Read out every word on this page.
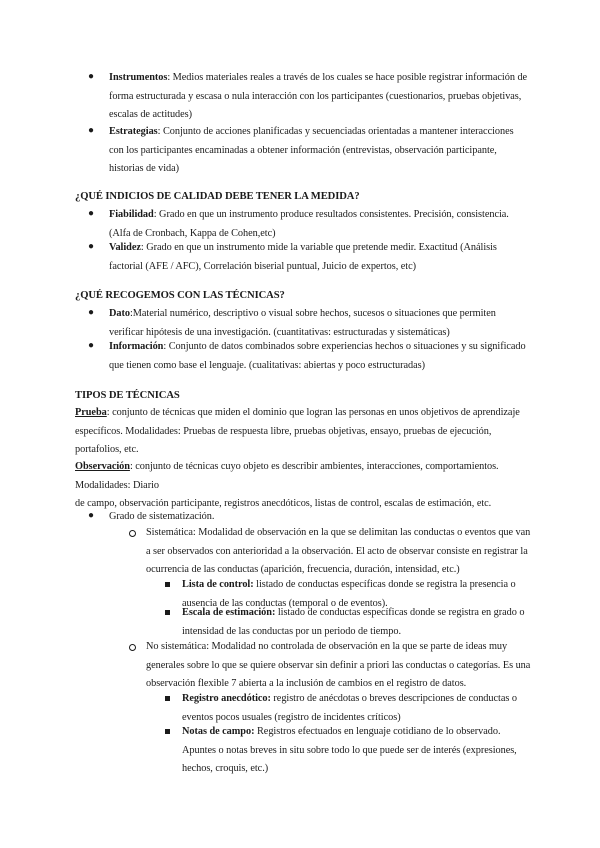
● Instrumentos: Medios materiales reales a través de los cuales se hace posible registrar información de forma estructurada y escasa o nula interacción con los participantes (cuestionarios, pruebas objetivas, escalas de actitudes)
● Estrategias: Conjunto de acciones planificadas y secuenciadas orientadas a mantener interacciones con los participantes encaminadas a obtener información (entrevistas, observación participante, historias de vida)
¿QUÉ INDICIOS DE CALIDAD DEBE TENER LA MEDIDA?
● Fiabilidad: Grado en que un instrumento produce resultados consistentes. Precisión, consistencia. (Alfa de Cronbach, Kappa de Cohen,etc)
● Validez: Grado en que un instrumento mide la variable que pretende medir. Exactitud (Análisis factorial (AFE / AFC), Correlación biserial puntual, Juicio de expertos, etc)
¿QUÉ RECOGEMOS CON LAS TÉCNICAS?
● Dato:Material numérico, descriptivo o visual sobre hechos, sucesos o situaciones que permiten verificar hipótesis de una investigación. (cuantitativas: estructuradas y sistemáticas)
● Información: Conjunto de datos combinados sobre experiencias hechos o situaciones y su significado que tienen como base el lenguaje. (cualitativas: abiertas y poco estructuradas)
TIPOS DE TÉCNICAS
Prueba: conjunto de técnicas que miden el dominio que logran las personas en unos objetivos de aprendizaje específicos. Modalidades: Pruebas de respuesta libre, pruebas objetivas, ensayo, pruebas de ejecución, portafolios, etc.
Observación: conjunto de técnicas cuyo objeto es describir ambientes, interacciones, comportamientos.
Modalidades: Diario
de campo, observación participante, registros anecdóticos, listas de control, escalas de estimación, etc.
● Grado de sistematización.
Sistemática: Modalidad de observación en la que se delimitan las conductas o eventos que van a ser observados con anterioridad a la observación. El acto de observar consiste en registrar la ocurrencia de las conductas (aparición, frecuencia, duración, intensidad, etc.)
Lista de control: listado de conductas específicas donde se registra la presencia o ausencia de las conductas (temporal o de eventos).
Escala de estimación: listado de conductas específicas donde se registra en grado o intensidad de las conductas por un periodo de tiempo.
No sistemática: Modalidad no controlada de observación en la que se parte de ideas muy generales sobre lo que se quiere observar sin definir a priori las conductas o categorías. Es una observación flexible 7 abierta a la inclusión de cambios en el registro de datos.
Registro anecdótico: registro de anécdotas o breves descripciones de conductas o eventos pocos usuales (registro de incidentes críticos)
Notas de campo: Registros efectuados en lenguaje cotidiano de lo observado. Apuntes o notas breves in situ sobre todo lo que puede ser de interés (expresiones, hechos, croquis, etc.)
